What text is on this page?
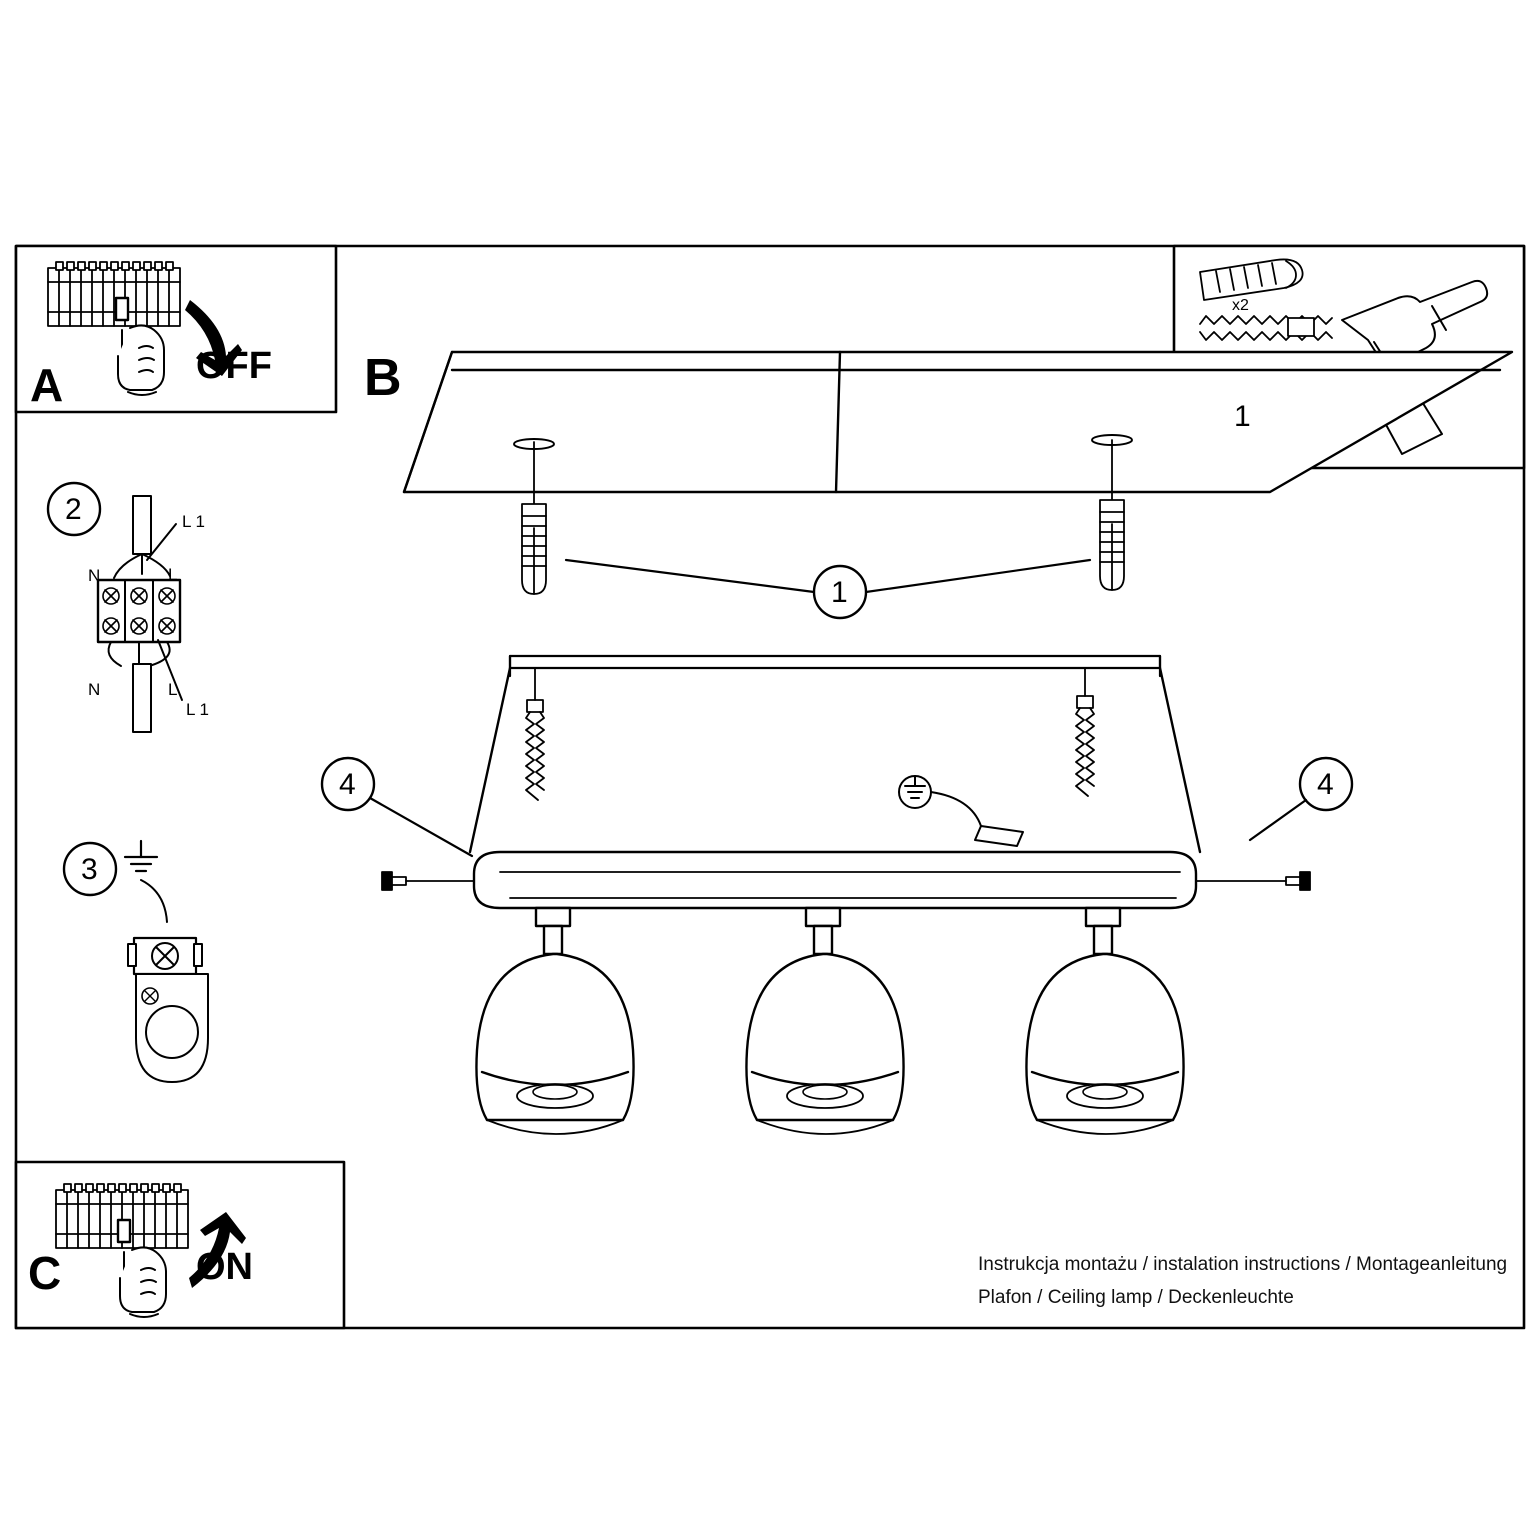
A	OFF
C	ON
B
x2
1
1
4	4
2
3
L 1
L
N
N	L
L 1
Instrukcja montażu / instalation instructions / Montageanleitung
Plafon / Ceiling lamp / Deckenleuchte
